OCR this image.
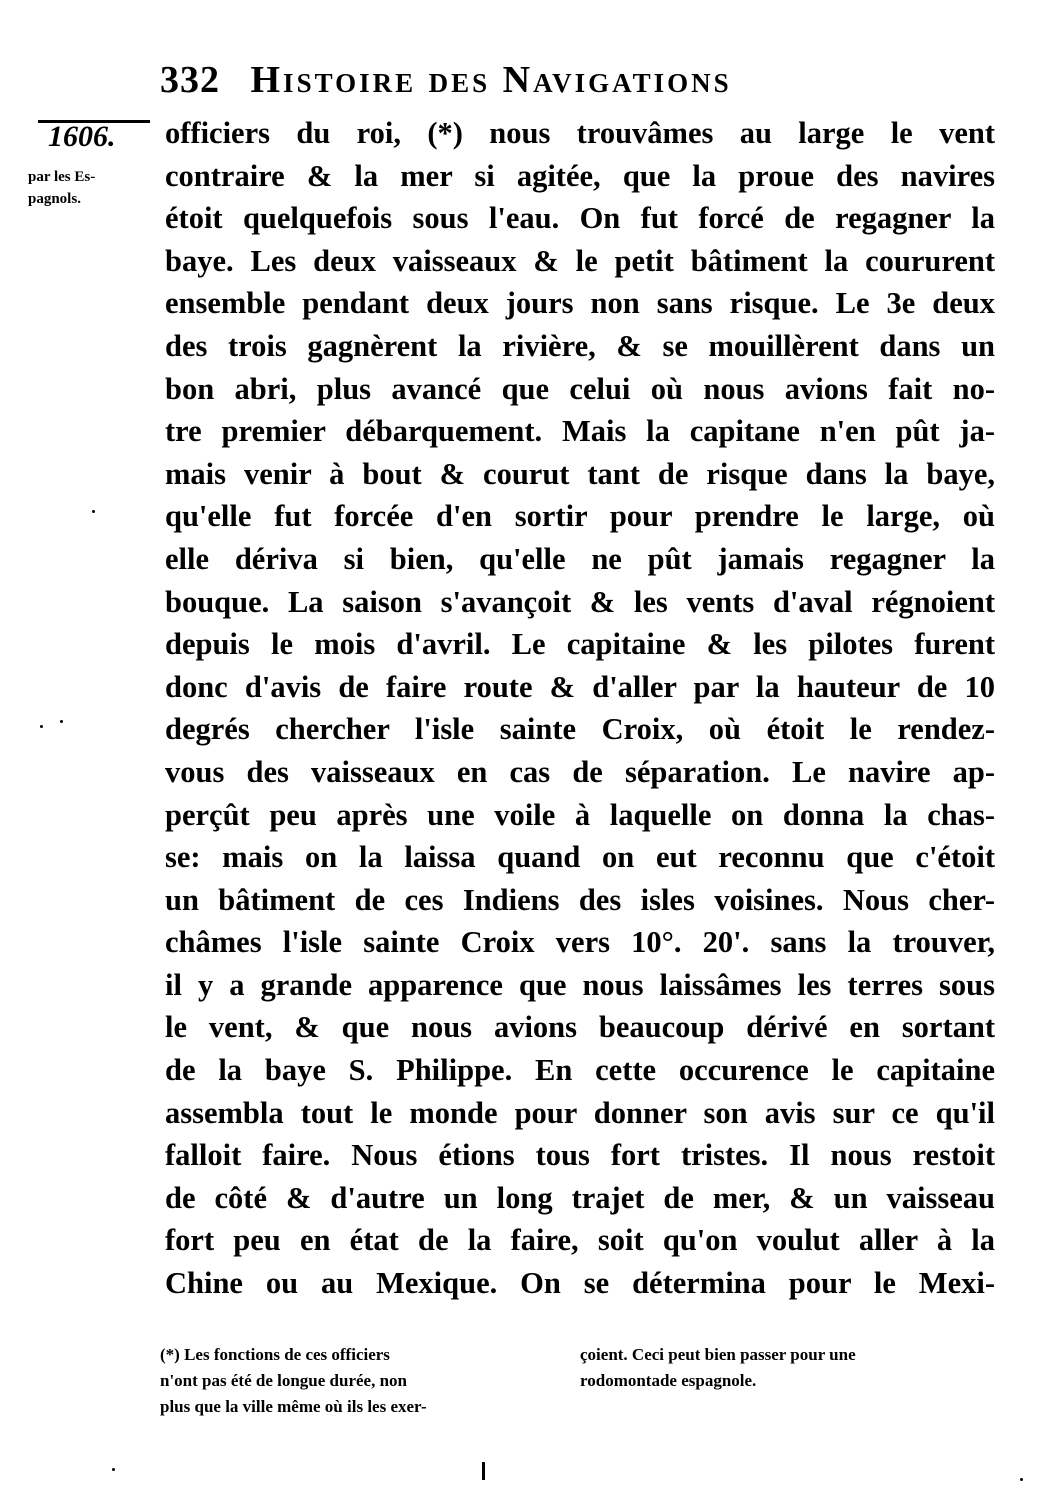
332 Histoire des Navigations
1606.
par les Es-
pagnols.
officiers du roi, (*) nous trouvâmes au large le vent
contraire & la mer si agitée, que la proue des navires
étoit quelquefois sous l'eau. On fut forcé de regagner la
baye. Les deux vaisseaux & le petit bâtiment la coururent
ensemble pendant deux jours non sans risque. Le 3e deux
des trois gagnèrent la rivière, & se mouillèrent dans un
bon abri, plus avancé que celui où nous avions fait no-
tre premier débarquement. Mais la capitane n'en pût ja-
mais venir à bout & courut tant de risque dans la baye,
qu'elle fut forcée d'en sortir pour prendre le large, où
elle dériva si bien, qu'elle ne pût jamais regagner la
bouque. La saison s'avançoit & les vents d'aval régnoient
depuis le mois d'avril. Le capitaine & les pilotes furent
donc d'avis de faire route & d'aller par la hauteur de 10
degrés chercher l'isle sainte Croix, où étoit le rendez-
vous des vaisseaux en cas de séparation. Le navire ap-
perçût peu après une voile à laquelle on donna la chas-
se: mais on la laissa quand on eut reconnu que c'étoit
un bâtiment de ces Indiens des isles voisines. Nous cher-
châmes l'isle sainte Croix vers 10°. 20'. sans la trouver,
il y a grande apparence que nous laissâmes les terres sous
le vent, & que nous avions beaucoup dérivé en sortant
de la baye S. Philippe. En cette occurence le capitaine
assembla tout le monde pour donner son avis sur ce qu'il
falloit faire. Nous étions tous fort tristes. Il nous restoit
de côté & d'autre un long trajet de mer, & un vaisseau
fort peu en état de la faire, soit qu'on voulut aller à la
Chine ou au Mexique. On se détermina pour le Mexi-
(*) Les fonctions de ces officiers	çoient. Ceci peut bien passer pour une
n'ont pas été de longue durée, non	rodomontade espagnole.
plus que la ville même où ils les exer-
